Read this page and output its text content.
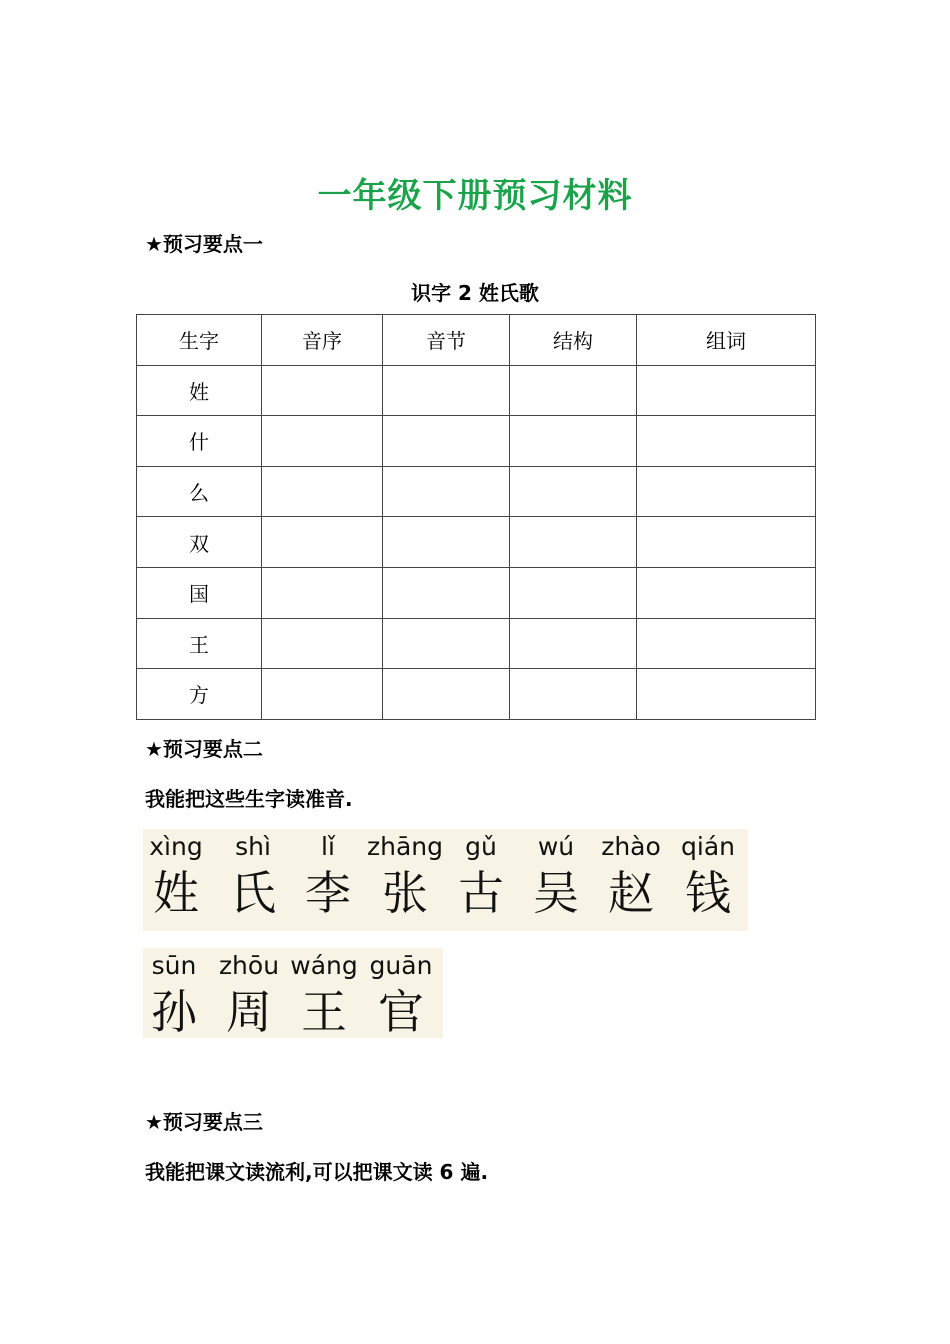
一年级下册预习材料
★预习要点一
识字 2 姓氏歌
生字	音序	音节	结构	组词
姓				
什				
么				
双				
国				
王				
方				
★预习要点二
我能把这些生字读准音.
xìng
姓
shì
氏
lǐ
李
zhāng
张
gǔ
古
wú
吴
zhào
赵
qián
钱
sūn
孙
zhōu
周
wáng
王
guān
官
★预习要点三
我能把课文读流利,可以把课文读 6 遍.
